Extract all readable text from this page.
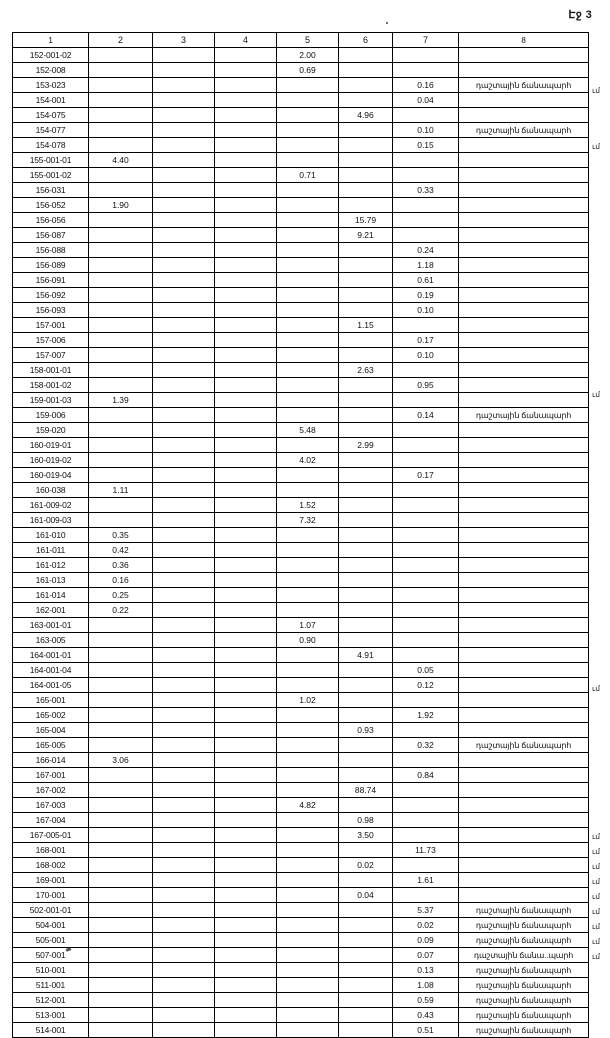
Էջ 3
1	2	3	4	5	6	7	8
152-001-02				2.00			
152-008				0.69			
153-023						0.16	դաշտային ճանապարհ
154-001						0.04	
154-075					4.96		
154-077						0.10	դաշտային ճանապարհ
154-078						0.15	
155-001-01	4.40						
155-001-02				0.71			
156-031						0.33	
156-052	1.90						
156-056					15.79		
156-087					9.21		
156-088						0.24	
156-089						1.18	
156-091						0.61	
156-092						0.19	
156-093						0.10	
157-001					1.15		
157-006						0.17	
157-007						0.10	
158-001-01					2.63		
158-001-02						0.95	
159-001-03	1.39						
159-006						0.14	դաշտային ճանապարհ
159-020				5.48			
160-019-01					2.99		
160-019-02				4.02			
160-019-04						0.17	
160-038	1.11						
161-009-02				1.52			
161-009-03				7.32			
161-010	0.35						
161-011	0.42						
161-012	0.36						
161-013	0.16						
161-014	0.25						
162-001	0.22						
163-001-01				1.07			
163-005				0.90			
164-001-01					4.91		
164-001-04						0.05	
164-001-05						0.12	
165-001				1.02			
165-002						1.92	
165-004					0.93		
165-005						0.32	դաշտային ճանապարհ
166-014	3.06						
167-001						0.84	
167-002					88.74		
167-003				4.82			
167-004					0.98		
167-005-01					3.50		
168-001						11.73	
168-002					0.02		
169-001						1.61	
170-001					0.04		
502-001-01						5.37	դաշտային ճանապարհ
504-001						0.02	դաշտային ճանապարհ
505-001						0.09	դաշտային ճանապարհ
507-001						0.07	դաշտային ճանա..պարհ
510-001						0.13	դաշտային ճանապարհ
511-001						1.08	դաշտային ճանապարհ
512-001						0.59	դաշտային ճանապարհ
513-001						0.43	դաշտային ճանապարհ
514-001						0.51	դաշտային ճանապարհ
ւմ
ւմ
ւմ
ւմ
ւմ
ւմ
ւմ
ւմ
ւմ
ւմ
ւմ
ւմ
ւմ
